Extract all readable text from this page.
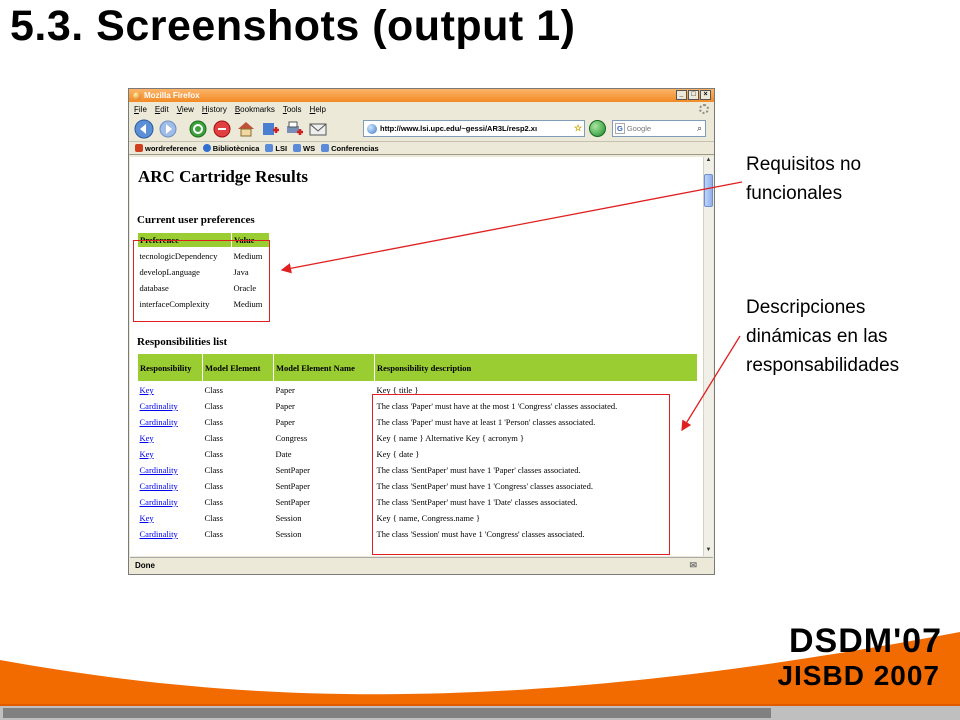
5.3. Screenshots (output 1)
Mozilla Firefox	_	□	×
File Edit View History Bookmarks Tools Help
http://www.lsi.upc.edu/~gessi/AR3L/resp2.xı	☆	G Google	⌕
wordreference Bibliotècnica LSI WS Conferencias
ARC Cartridge Results
Current user preferences
Preference	Value
tecnologicDependency	Medium
developLanguage	Java
database	Oracle
interfaceComplexity	Medium
Responsibilities list
Responsibility	Model Element	Model Element Name	Responsibility description
Key	Class	Paper	Key { title }
Cardinality	Class	Paper	The class 'Paper' must have at the most 1 'Congress' classes associated.
Cardinality	Class	Paper	The class 'Paper' must have at least 1 'Person' classes associated.
Key	Class	Congress	Key { name } Alternative Key { acronym }
Key	Class	Date	Key { date }
Cardinality	Class	SentPaper	The class 'SentPaper' must have 1 'Paper' classes associated.
Cardinality	Class	SentPaper	The class 'SentPaper' must have 1 'Congress' classes associated.
Cardinality	Class	SentPaper	The class 'SentPaper' must have 1 'Date' classes associated.
Key	Class	Session	Key { name, Congress.name }
Cardinality	Class	Session	The class 'Session' must have 1 'Congress' classes associated.
▲
▼
Done	✉
Requisitos no
funcionales
Descripciones
dinámicas en las
responsabilidades
DSDM'07
JISBD 2007
